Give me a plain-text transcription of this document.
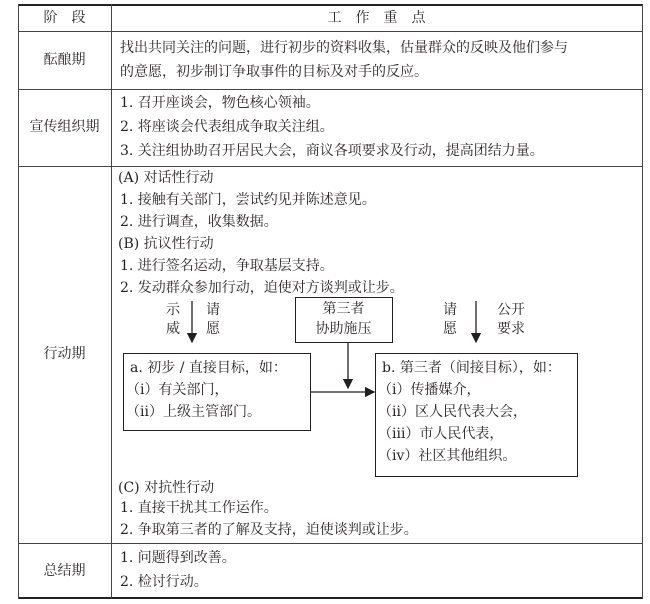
阶　段	工　作　重　点
酝酿期
找出共同关注的问题，进行初步的资料收集，估量群众的反映及他们参与
的意愿，初步制订争取事件的目标及对手的反应。
宣传组织期
1. 召开座谈会，物色核心领袖。
2. 将座谈会代表组成争取关注组。
3. 关注组协助召开居民大会，商议各项要求及行动，提高团结力量。
行动期
(A) 对话性行动
1. 接触有关部门，尝试约见并陈述意见。
2. 进行调查，收集数据。
(B) 抗议性行动
1. 进行签名运动，争取基层支持。
2. 发动群众参加行动，迫使对方谈判或让步。
示
威
请
愿
请
愿
公开
要求
第三者
协助施压
a. 初步 / 直接目标，如：
（ⅰ）有关部门，
（ⅱ）上级主管部门。
b. 第三者（间接目标），如：
（ⅰ）传播媒介，
（ⅱ）区人民代表大会，
（ⅲ）市人民代表，
（ⅳ）社区其他组织。
(C) 对抗性行动
1. 直接干扰其工作运作。
2. 争取第三者的了解及支持，迫使谈判或让步。
总结期
1. 问题得到改善。
2. 检讨行动。
